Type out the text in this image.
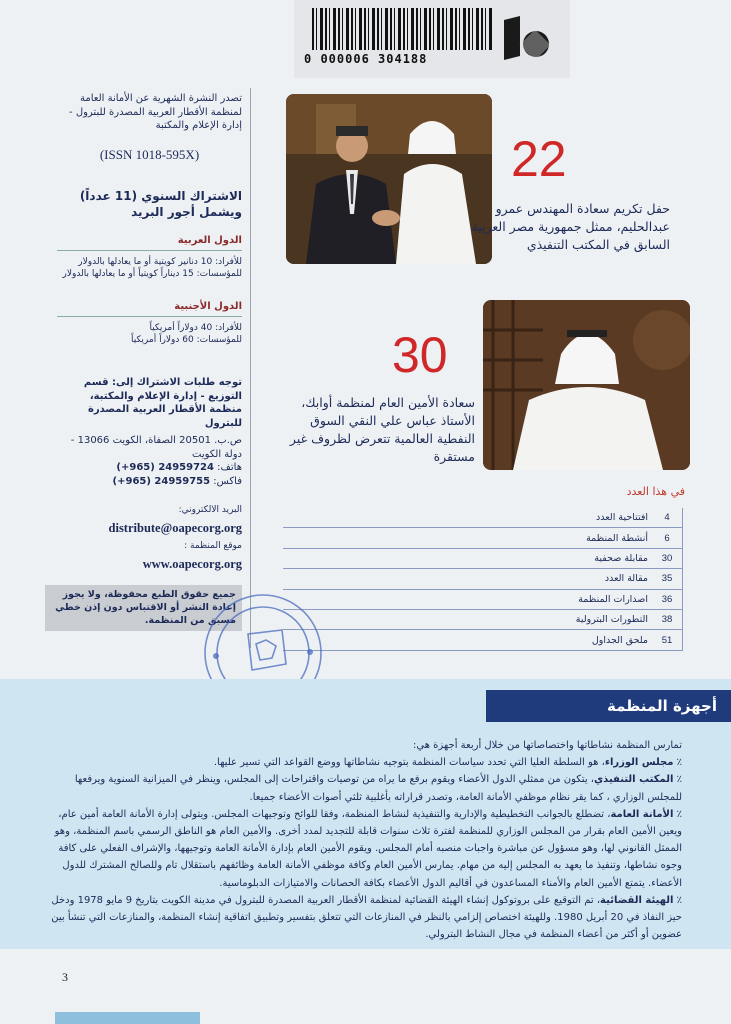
0 000006 304188
تصدر النشرة الشهرية عن الأمانة العامة لمنظمة الأقطار العربية المصدرة للبترول - إدارة الإعلام والمكتبة
(ISSN 1018-595X)
الاشتراك السنوي (11 عدداً) ويشمل أجور البريد
الدول العربية
للأفراد: 10 دنانير كويتية أو ما يعادلها بالدولار
للمؤسسات: 15 ديناراً كويتياً أو ما يعادلها بالدولار
الدول الأجنبية
للأفراد: 40 دولاراً أمريكياً
للمؤسسات: 60 دولاراً أمريكياً
توجه طلبات الاشتراك إلى: قسم التوزيع - إدارة الإعلام والمكتبة، منظمة الأقطار العربية المصدرة للبترول
ص.ب. 20501 الصفاة، الكويت 13066 - دولة الكويت
هاتف: 24959724 (965+)
فاكس: 24959755 (965+)
البريد الالكتروني:
distribute@oapecorg.org
موقع المنظمة :
www.oapecorg.org
جميع حقوق الطبع محفوظة، ولا يجوز إعادة النشر أو الاقتباس دون إذن خطي مسبق من المنظمة.
22
حفل تكريم سعادة المهندس عمرو عبدالحليم، ممثل جمهورية مصر العربية السابق في المكتب التنفيذي
30
سعادة الأمين العام لمنظمة أوابك، الأستاذ عباس علي النقي السوق النفطية العالمية تتعرض لظروف غير مستقرة
في هذا العدد
افتتاحية العدد	4
أنشطة المنظمة	6
مقابلة صحفية	30
مقالة العدد	35
اصدارات المنظمة	36
التطورات البترولية	38
ملحق الجداول	51
أجهزة المنظمة

تمارس المنظمة نشاطاتها واختصاصاتها من خلال أربعة أجهزة هي:

٪ مجلس الوزراء، هو السلطة العليا التي تحدد سياسات المنظمة بتوجيه نشاطاتها ووضع القواعد التي تسير عليها.

٪ المكتب التنفيذي، يتكون من ممثلي الدول الأعضاء ويقوم برفع ما يراه من توصيات واقتراحات إلى المجلس، وينظر في الميزانية السنوية ويرفعها للمجلس الوزاري ، كما يقر نظام موظفي الأمانة العامة، وتصدر قراراته بأغلبية ثلثي أصوات الأعضاء جميعا.

٪ الأمانة العامة، تضطلع بالجوانب التخطيطية والإدارية والتنفيذية لنشاط المنظمة، وفقا للوائح وتوجيهات المجلس. ويتولى إدارة الأمانة العامة أمين عام، ويعين الأمين العام بقرار من المجلس الوزاري للمنظمة لفترة ثلاث سنوات قابلة للتجديد لمدد أخرى. والأمين العام هو الناطق الرسمي باسم المنظمة، وهو الممثل القانوني لها، وهو مسؤول عن مباشرة واجبات منصبه أمام المجلس. ويقوم الأمين العام بإدارة الأمانة العامة وتوجيهها، والإشراف الفعلي على كافة وجوه نشاطها، وتنفيذ ما يعهد به المجلس إليه من مهام. يمارس الأمين العام وكافة موظفي الأمانة العامة وظائفهم باستقلال تام وللصالح المشترك للدول الأعضاء. يتمتع الأمين العام والأمناء المساعدون في أقاليم الدول الأعضاء بكافة الحصانات والامتيازات الدبلوماسية.

٪ الهيئة القضائية، تم التوقيع على بروتوكول إنشاء الهيئة القضائية لمنظمة الأقطار العربية المصدرة للبترول في مدينة الكويت بتاريخ 9 مايو 1978 ودخل حيز النفاذ في 20 أبريل 1980. وللهيئة اختصاص إلزامي بالنظر في المنازعات التي تتعلق بتفسير وتطبيق اتفاقية إنشاء المنظمة، والمنازعات التي تنشأ بين عضوين أو أكثر من أعضاء المنظمة في مجال النشاط البترولي.

3
